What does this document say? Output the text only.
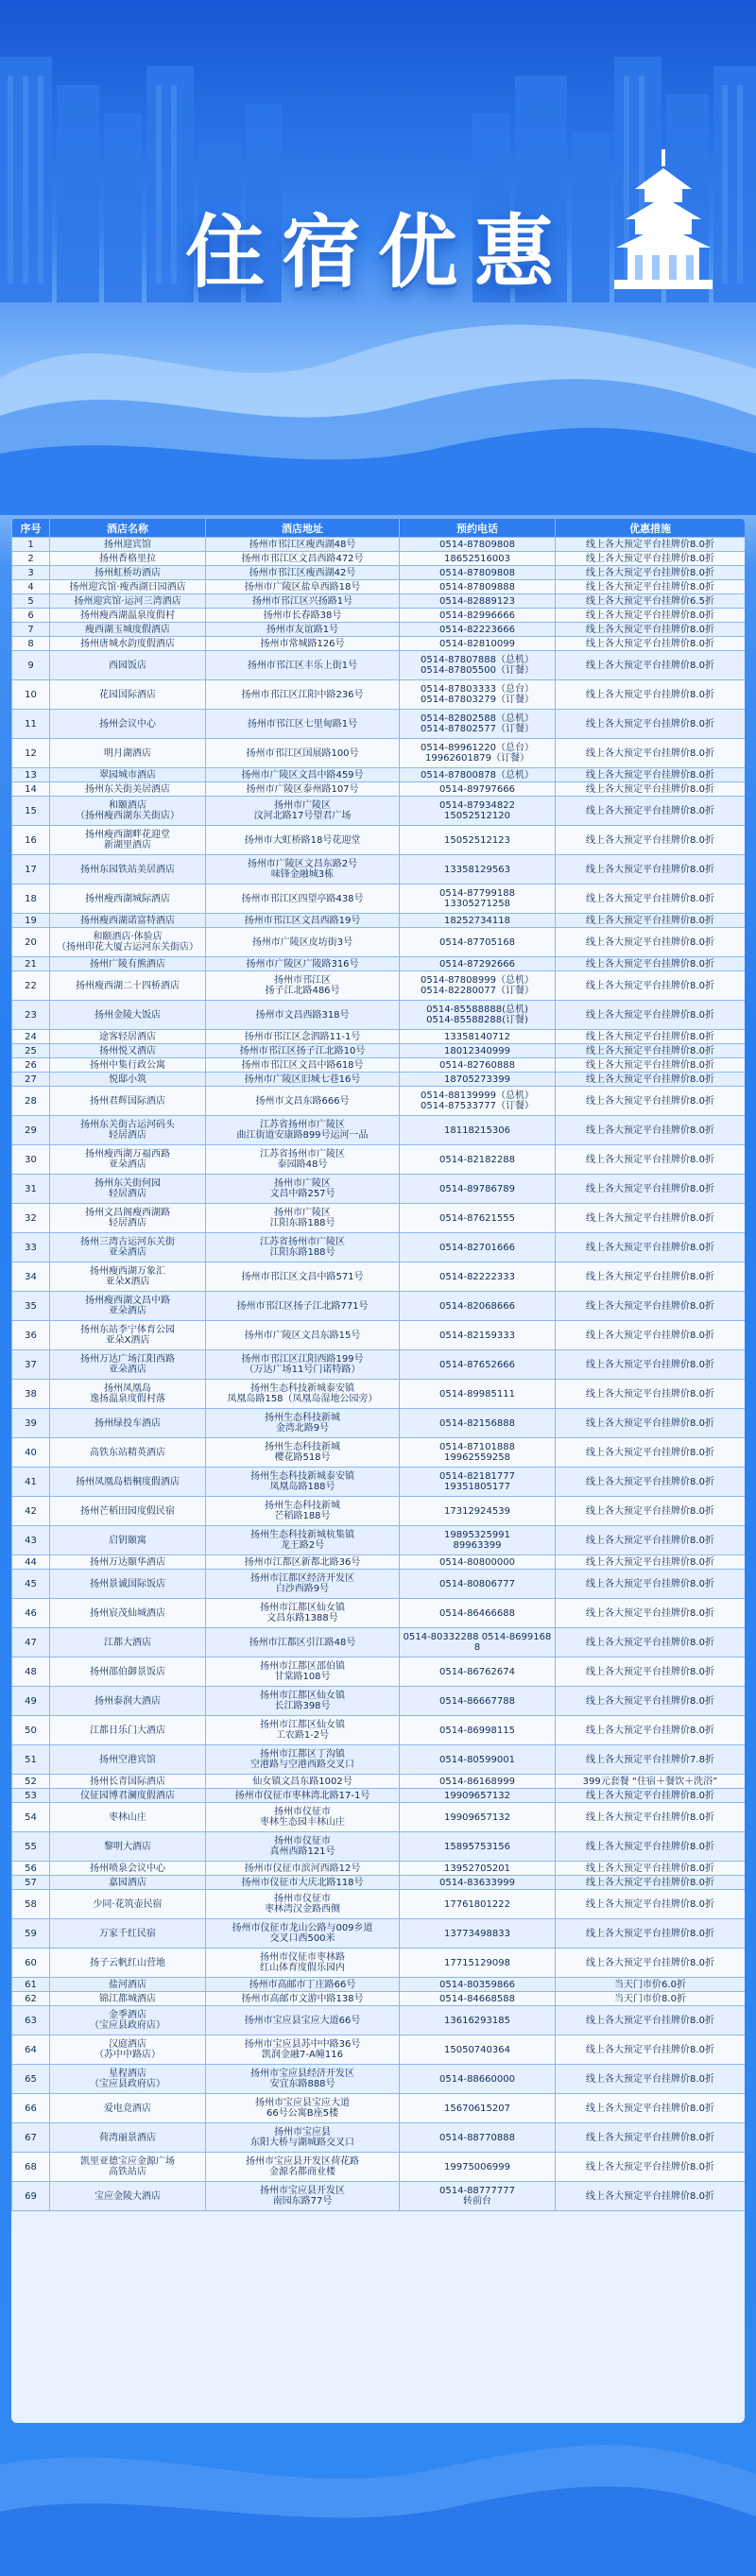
住宿优惠
序号	酒店名称	酒店地址	预约电话	优惠措施
1	扬州迎宾馆	扬州市邗江区瘦西湖48号	0514-87809808	线上各大预定平台挂牌价8.0折
2	扬州香格里拉	扬州市邗江区文昌西路472号	18652516003	线上各大预定平台挂牌价8.0折
3	扬州虹桥坊酒店	扬州市邗江区瘦西湖42号	0514-87809808	线上各大预定平台挂牌价8.0折
4	扬州迎宾馆·瘦西湖日园酒店	扬州市广陵区盐阜西路18号	0514-87809888	线上各大预定平台挂牌价8.0折
5	扬州迎宾馆·运河三湾酒店	扬州市邗江区兴扬路1号	0514-82889123	线上各大预定平台挂牌价6.5折
6	扬州瘦西湖温泉度假村	扬州市长春路38号	0514-82996666	线上各大预定平台挂牌价8.0折
7	瘦西湖玉城度假酒店	扬州市友谊路1号	0514-82223666	线上各大预定平台挂牌价8.0折
8	扬州唐城水韵度假酒店	扬州市常城路126号	0514-82810099	线上各大预定平台挂牌价8.0折
9	西园饭店	扬州市邗江区丰乐上街1号	0514-87807888（总机）
0514-87805500（订餐）	线上各大预定平台挂牌价8.0折
10	花园国际酒店	扬州市邗江区江阳中路236号	0514-87803333（总台）
0514-87803279（订餐）	线上各大预定平台挂牌价8.0折
11	扬州会议中心	扬州市邗江区七里甸路1号	0514-82802588（总机）
0514-87802577（订餐）	线上各大预定平台挂牌价8.0折
12	明月湖酒店	扬州市邗江区国展路100号	0514-89961220（总台）
19962601879（订餐）	线上各大预定平台挂牌价8.0折
13	翠园城市酒店	扬州市广陵区文昌中路459号	0514-87800878（总机）	线上各大预定平台挂牌价8.0折
14	扬州东关街美居酒店	扬州市广陵区泰州路107号	0514-89797666	线上各大预定平台挂牌价8.0折
15	和颐酒店
（扬州瘦西湖东关街店）	扬州市广陵区
汶河北路17号望君广场	0514-87934822
15052512120	线上各大预定平台挂牌价8.0折
16	扬州瘦西湖畔花迎堂
新湖里酒店	扬州市大虹桥路18号花迎堂	15052512123	线上各大预定平台挂牌价8.0折
17	扬州东园铁站美居酒店	扬州市广陵区文昌东路2号
味锋金融城3栋	13358129563	线上各大预定平台挂牌价8.0折
18	扬州瘦西湖城际酒店	扬州市邗江区四望亭路438号	0514-87799188
13305271258	线上各大预定平台挂牌价8.0折
19	扬州瘦西湖诺富特酒店	扬州市邗江区文昌西路19号	18252734118	线上各大预定平台挂牌价8.0折
20	和颐酒店·体验店
（扬州印花大厦古运河东关街店）	扬州市广陵区皮坊街3号	0514-87705168	线上各大预定平台挂牌价8.0折
21	扬州广陵有熊酒店	扬州市广陵区广陵路316号	0514-87292666	线上各大预定平台挂牌价8.0折
22	扬州瘦西湖二十四桥酒店	扬州市邗江区
扬子江北路486号	0514-87808999（总机）
0514-82280077（订餐）	线上各大预定平台挂牌价8.0折
23	扬州金陵大饭店	扬州市文昌西路318号	0514-85588888(总机)
0514-85588288(订餐)	线上各大预定平台挂牌价8.0折
24	途客轻居酒店	扬州市邗江区念泗路11-1号	13358140712	线上各大预定平台挂牌价8.0折
25	扬州悦又酒店	扬州市邗江区扬子江北路10号	18012340999	线上各大预定平台挂牌价8.0折
26	扬州中集行政公寓	扬州市邗江区文昌中路618号	0514-82760888	线上各大预定平台挂牌价8.0折
27	悦邸小筑	扬州市广陵区旧城七巷16号	18705273399	线上各大预定平台挂牌价8.0折
28	扬州君辉国际酒店	扬州市文昌东路666号	0514-88139999（总机）
0514-87533777（订餐）	线上各大预定平台挂牌价8.0折
29	扬州东关街古运河码头
轻居酒店	江苏省扬州市广陵区
曲江街道安康路899号运河一品	18118215306	线上各大预定平台挂牌价8.0折
30	扬州瘦西湖万福西路
亚朵酒店	江苏省扬州市广陵区
泰园路48号	0514-82182288	线上各大预定平台挂牌价8.0折
31	扬州东关街何园
轻居酒店	扬州市广陵区
文昌中路257号	0514-89786789	线上各大预定平台挂牌价8.0折
32	扬州文昌阁瘦西湖路
轻居酒店	扬州市广陵区
江阳东路188号	0514-87621555	线上各大预定平台挂牌价8.0折
33	扬州三湾古运河东关街
亚朵酒店	江苏省扬州市广陵区
江阳东路188号	0514-82701666	线上各大预定平台挂牌价8.0折
34	扬州瘦西湖万象汇
亚朵X酒店	扬州市邗江区文昌中路571号	0514-82222333	线上各大预定平台挂牌价8.0折
35	扬州瘦西湖文昌中路
亚朵酒店	扬州市邗江区扬子江北路771号	0514-82068666	线上各大预定平台挂牌价8.0折
36	扬州东站李宁体育公园
亚朵X酒店	扬州市广陵区文昌东路15号	0514-82159333	线上各大预定平台挂牌价8.0折
37	扬州万达广场江阳西路
亚朵酒店	扬州市邗江区江阳西路199号
（万达广场11号门诺特路）	0514-87652666	线上各大预定平台挂牌价8.0折
38	扬州凤凰岛
逸扬温泉度假村落	扬州生态科技新城泰安镇
凤凰岛路158（凤凰岛湿地公园旁）	0514-89985111	线上各大预定平台挂牌价8.0折
39	扬州绿投车酒店	扬州生态科技新城
金湾北路9号	0514-82156888	线上各大预定平台挂牌价8.0折
40	高铁东站精英酒店	扬州生态科技新城
樱花路518号	0514-87101888
19962559258	线上各大预定平台挂牌价8.0折
41	扬州凤凰岛梧桐度假酒店	扬州生态科技新城泰安镇
凤凰岛路188号	0514-82181777
19351805177	线上各大预定平台挂牌价8.0折
42	扬州芒稻田园度假民宿	扬州生态科技新城
芒稻路188号	17312924539	线上各大预定平台挂牌价8.0折
43	启钥颐寓	扬州生态科技新城杭集镇
龙王路2号	19895325991
89963399	线上各大预定平台挂牌价8.0折
44	扬州万达颐华酒店	扬州市江都区新都北路36号	0514-80800000	线上各大预定平台挂牌价8.0折
45	扬州景诚国际饭店	扬州市江都区经济开发区
白沙西路9号	0514-80806777	线上各大预定平台挂牌价8.0折
46	扬州宸茂仙城酒店	扬州市江都区仙女镇
文昌东路1388号	0514-86466688	线上各大预定平台挂牌价8.0折
47	江都大酒店	扬州市江都区引江路48号	0514-80332288 0514-86991688	线上各大预定平台挂牌价8.0折
48	扬州邵伯御景饭店	扬州市江都区邵伯镇
甘棠路108号	0514-86762674	线上各大预定平台挂牌价8.0折
49	扬州泰润大酒店	扬州市江都区仙女镇
长江路398号	0514-86667788	线上各大预定平台挂牌价8.0折
50	江都日乐门大酒店	扬州市江都区仙女镇
工农路1-2号	0514-86998115	线上各大预定平台挂牌价8.0折
51	扬州空港宾馆	扬州市江都区丁沟镇
空港路与空港西路交叉口	0514-80599001	线上各大预定平台挂牌价7.8折
52	扬州长青国际酒店	仙女镇文昌东路1002号	0514-86168999	399元套餐 “住宿＋餐饮＋洗浴”
53	仪征园博君澜度假酒店	扬州市仪征市枣林湾北路17-1号	19909657132	线上各大预定平台挂牌价8.0折
54	枣林山庄	扬州市仪征市
枣林生态园丰林山庄	19909657132	线上各大预定平台挂牌价8.0折
55	黎明大酒店	扬州市仪征市
真州西路121号	15895753156	线上各大预定平台挂牌价8.0折
56	扬州喷泉会议中心	扬州市仪征市滨河西路12号	13952705201	线上各大预定平台挂牌价8.0折
57	嘉园酒店	扬州市仪征市大庆北路118号	0514-83633999	线上各大预定平台挂牌价8.0折
58	少同·花筑壶民宿	扬州市仪征市
枣林湾汉金路西侧	17761801222	线上各大预定平台挂牌价8.0折
59	万家千红民宿	扬州市仪征市龙山公路与009乡道
交叉口西500米	13773498833	线上各大预定平台挂牌价8.0折
60	扬子云帆红山营地	扬州市仪征市枣林路
红山体育度假乐园内	17715129098	线上各大预定平台挂牌价8.0折
61	盐河酒店	扬州市高邮市丁庄路66号	0514-80359866	当天门市价6.0折
62	锦江都城酒店	扬州市高邮市文游中路138号	0514-84668588	当天门市价8.0折
63	金季酒店
（宝应县政府店）	扬州市宝应县宝应大道66号	13616293185	线上各大预定平台挂牌价8.0折
64	汉庭酒店
（苏中中路店）	扬州市宝应县苏中中路36号
凯润金融7-A幢116	15050740364	线上各大预定平台挂牌价8.0折
65	星程酒店
（宝应县政府店）	扬州市宝应县经济开发区
安宜东路888号	0514-88660000	线上各大预定平台挂牌价8.0折
66	爱电竞酒店	扬州市宝应县宝应大道
66号公寓B座5楼	15670615207	线上各大预定平台挂牌价8.0折
67	荷湾丽景酒店	扬州市宝应县
东阳大桥与湖城路交叉口	0514-88770888	线上各大预定平台挂牌价8.0折
68	凯里亚德宝应金源广场
高铁站店	扬州市宝应县开发区荷花路
金源名都商业楼	19975006999	线上各大预定平台挂牌价8.0折
69	宝应金陵大酒店	扬州市宝应县开发区
南园东路77号	0514-88777777
转前台	线上各大预定平台挂牌价8.0折
